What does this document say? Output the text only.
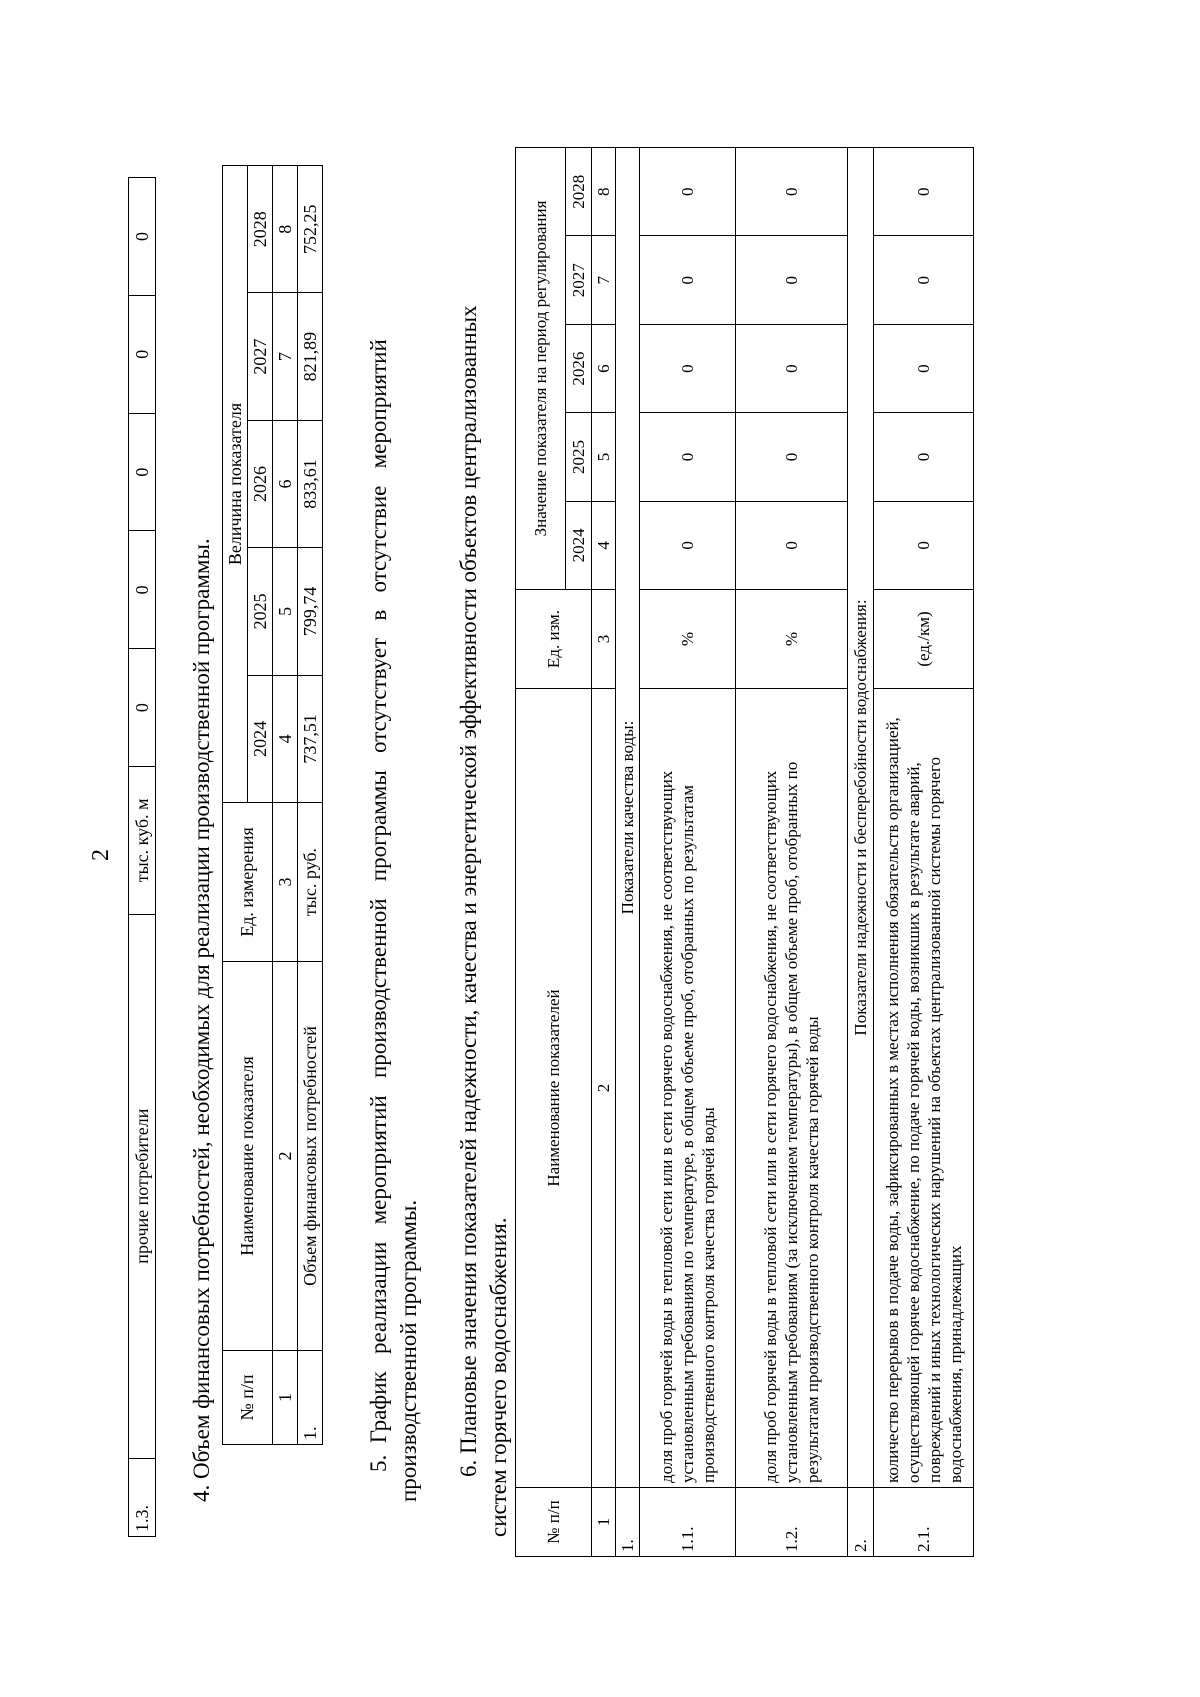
2
1.3.	прочие потребители	тыс. куб. м	0	0	0	0	0
4. Объем финансовых потребностей, необходимых для реализации производственной программы. № п/п	Наименование показателя	Ед. измерения	Величина показателя				
			2024	2025	2026	2027	2028
1	2	3	4	5	6	7	8
1.	Объем финансовых потребностей	тыс. руб.	737,51	799,74	833,61	821,89	752,25
5.  График   реализации   мероприятий   производственной   программы   отсутствует   в   отсутствие   мероприятий производственной программы. 6. Плановые значения показателей надежности, качества и энергетической эффективности объектов централизованных систем горячего водоснабжения. № п/п	Наименование показателей	Ед. изм.	Значение показателя на период регулирования				
			2024	2025	2026	2027	2028
1	2	3	4	5	6	7	8
1.	Показатели качества воды:						
1.1.	доля проб горячей воды в тепловой сети или в сети горячего водоснабжения, не соответствующих установленным требованиям по температуре, в общем объеме проб, отобранных по результатам производственного контроля качества горячей воды	%	0	0	0	0	0
1.2.	доля проб горячей воды в тепловой сети или в сети горячего водоснабжения, не соответствующих установленным требованиям (за исключением температуры), в общем объеме проб, отобранных по результатам производственного контроля качества горячей воды	%	0	0	0	0	0
2.	Показатели надежности и бесперебойности водоснабжения:						
2.1.	количество перерывов в подаче воды, зафиксированных в местах исполнения обязательств организацией, осуществляющей горячее водоснабжение, по подаче горячей воды, возникших в результате аварий, повреждений и иных технологических нарушений на объектах централизованной системы горячего водоснабжения, принадлежащих	(ед./км)	0	0	0	0	0
